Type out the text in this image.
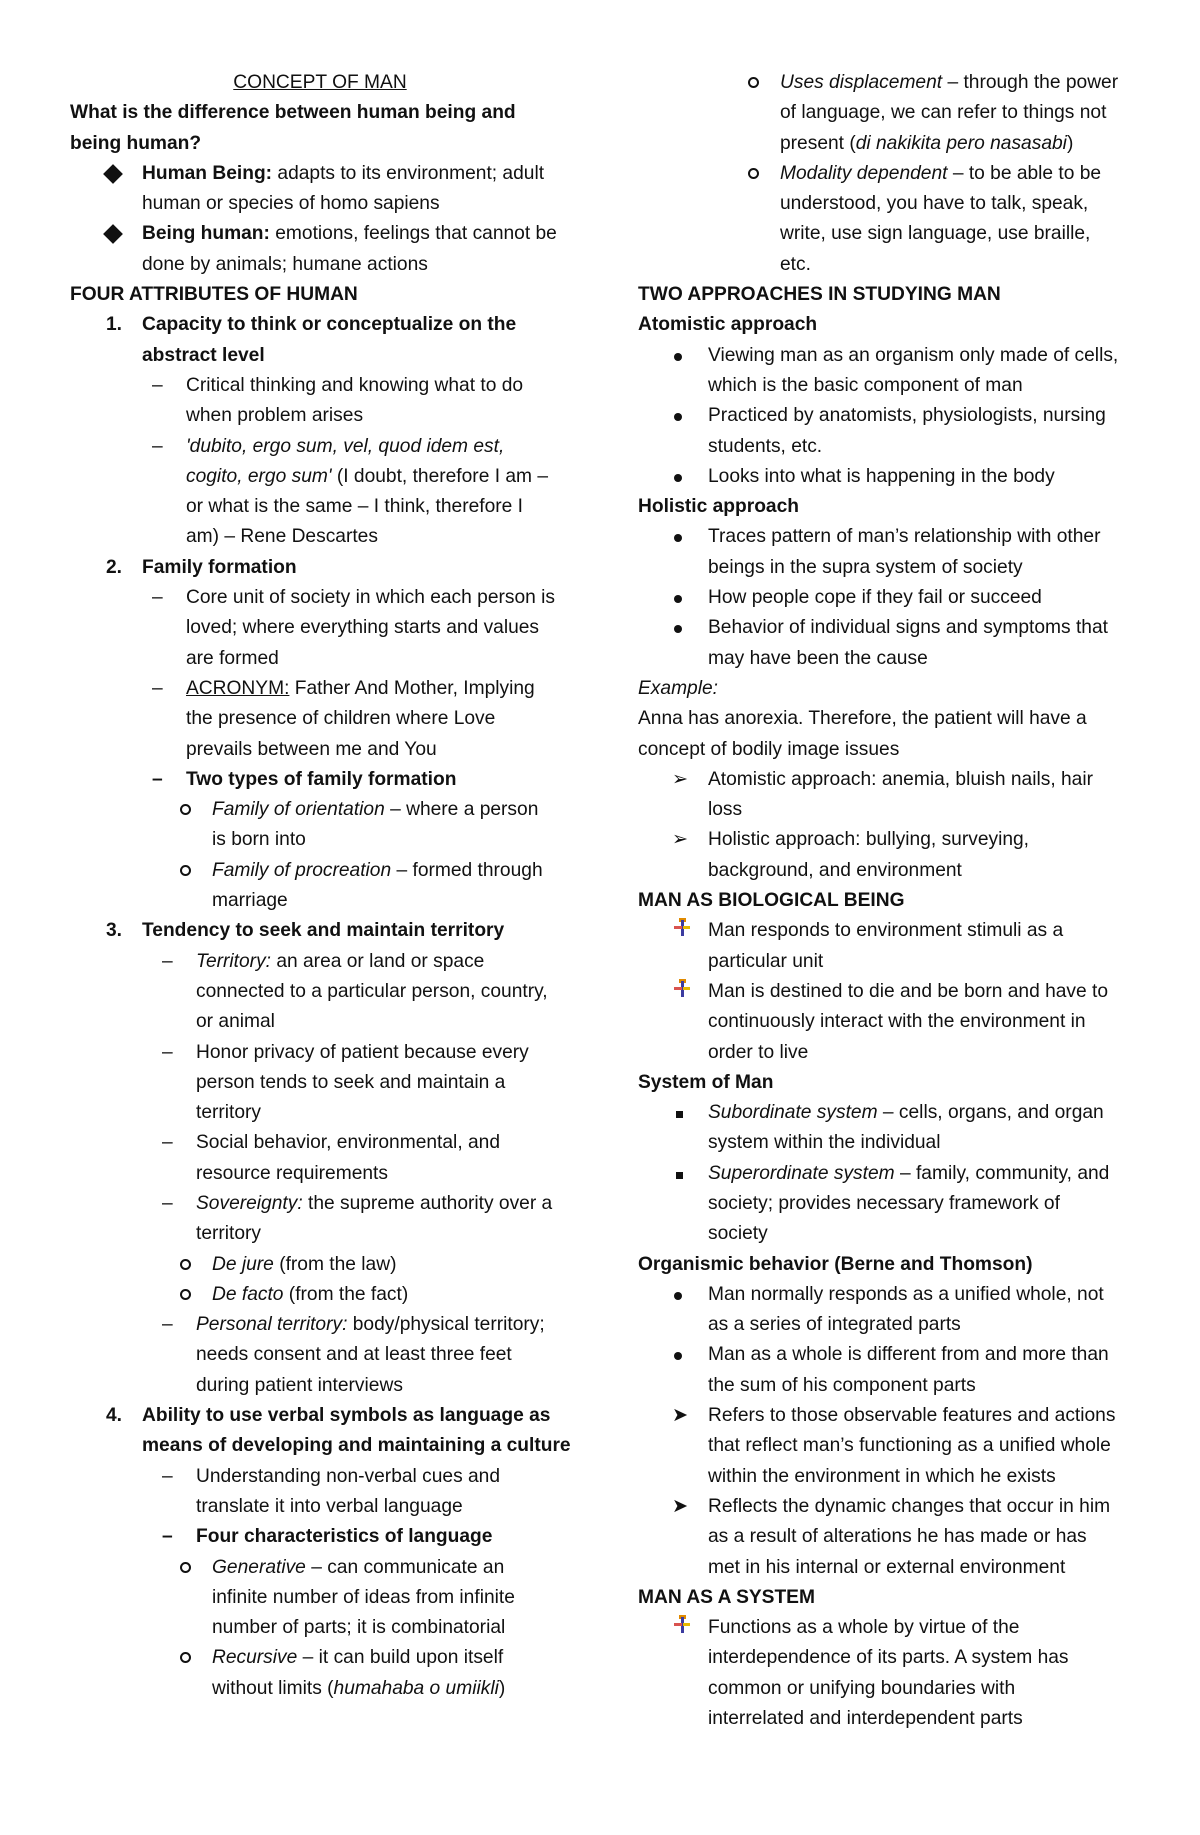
CONCEPT OF MAN
What is the difference between human being and
being human?
Human Being: adapts to its environment; adult
human or species of homo sapiens
Being human: emotions, feelings that cannot be
done by animals; humane actions
FOUR ATTRIBUTES OF HUMAN
1. Capacity to think or conceptualize on the
abstract level
– Critical thinking and knowing what to do
when problem arises
– 'dubito, ergo sum, vel, quod idem est,
cogito, ergo sum' (I doubt, therefore I am –
or what is the same – I think, therefore I
am) – Rene Descartes
2. Family formation
– Core unit of society in which each person is
loved; where everything starts and values
are formed
– ACRONYM: Father And Mother, Implying
the presence of children where Love
prevails between me and You
– Two types of family formation
Family of orientation – where a person
is born into
Family of procreation – formed through
marriage
3. Tendency to seek and maintain territory
– Territory: an area or land or space
connected to a particular person, country,
or animal
– Honor privacy of patient because every
person tends to seek and maintain a
territory
– Social behavior, environmental, and
resource requirements
– Sovereignty: the supreme authority over a
territory
De jure (from the law)
De facto (from the fact)
– Personal territory: body/physical territory;
needs consent and at least three feet
during patient interviews
4. Ability to use verbal symbols as language as
means of developing and maintaining a culture
– Understanding non-verbal cues and
translate it into verbal language
– Four characteristics of language
Generative – can communicate an
infinite number of ideas from infinite
number of parts; it is combinatorial
Recursive – it can build upon itself
without limits (humahaba o umiikli)
Uses displacement – through the power
of language, we can refer to things not
present (di nakikita pero nasasabi)
Modality dependent – to be able to be
understood, you have to talk, speak,
write, use sign language, use braille,
etc.
TWO APPROACHES IN STUDYING MAN
Atomistic approach
Viewing man as an organism only made of cells,
which is the basic component of man
Practiced by anatomists, physiologists, nursing
students, etc.
Looks into what is happening in the body
Holistic approach
Traces pattern of man’s relationship with other
beings in the supra system of society
How people cope if they fail or succeed
Behavior of individual signs and symptoms that
may have been the cause
Example:
Anna has anorexia. Therefore, the patient will have a
concept of bodily image issues
➢ Atomistic approach: anemia, bluish nails, hair
loss
➢ Holistic approach: bullying, surveying,
background, and environment
MAN AS BIOLOGICAL BEING
Man responds to environment stimuli as a
particular unit
Man is destined to die and be born and have to
continuously interact with the environment in
order to live
System of Man
Subordinate system – cells, organs, and organ
system within the individual
Superordinate system – family, community, and
society; provides necessary framework of
society
Organismic behavior (Berne and Thomson)
Man normally responds as a unified whole, not
as a series of integrated parts
Man as a whole is different from and more than
the sum of his component parts
➤ Refers to those observable features and actions
that reflect man’s functioning as a unified whole
within the environment in which he exists
➤ Reflects the dynamic changes that occur in him
as a result of alterations he has made or has
met in his internal or external environment
MAN AS A SYSTEM
Functions as a whole by virtue of the
interdependence of its parts. A system has
common or unifying boundaries with
interrelated and interdependent parts
